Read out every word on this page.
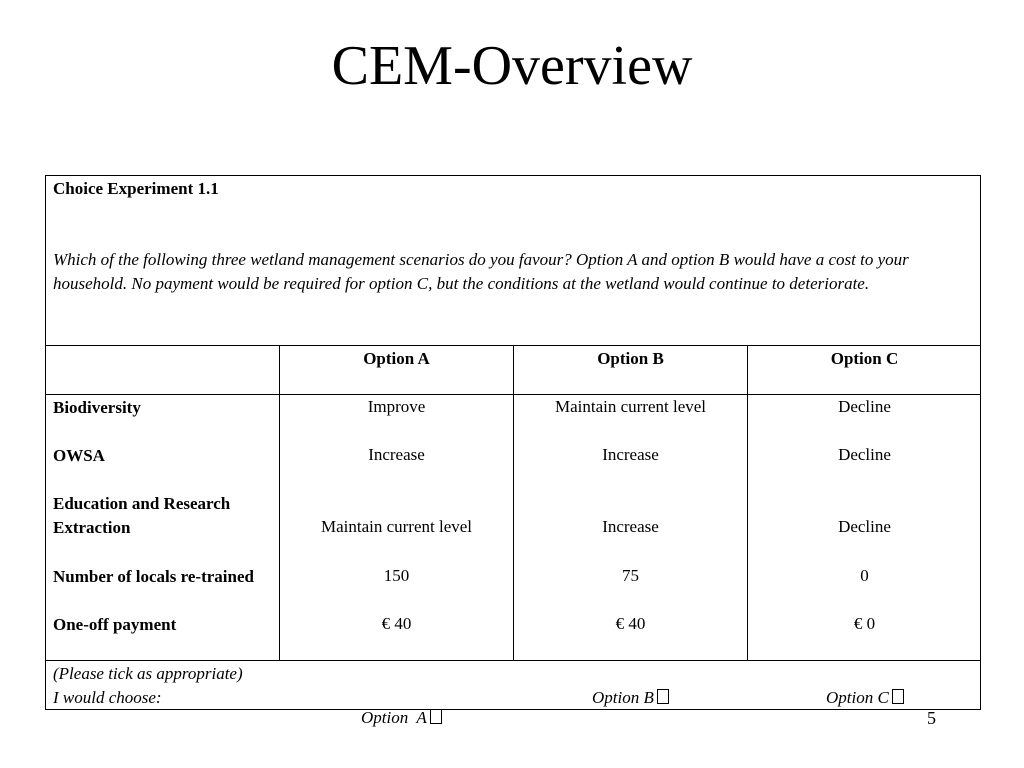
CEM-Overview
Choice Experiment 1.1
Which of the following three wetland management scenarios do you favour? Option A and option B would have a cost to your
household. No payment would be required for option C, but the conditions at the wetland would continue to deteriorate.
Option A	Option B	Option C
Biodiversity	Improve	Maintain current level	Decline
OWSA	Increase	Increase	Decline
Education and Research
Extraction	Maintain current level	Increase	Decline
Number of locals re-trained	150	75	0
One-off payment	€ 40	€ 40	€ 0
(Please tick as appropriate)
I would choose:

Option  A

Option B	Option C
5
